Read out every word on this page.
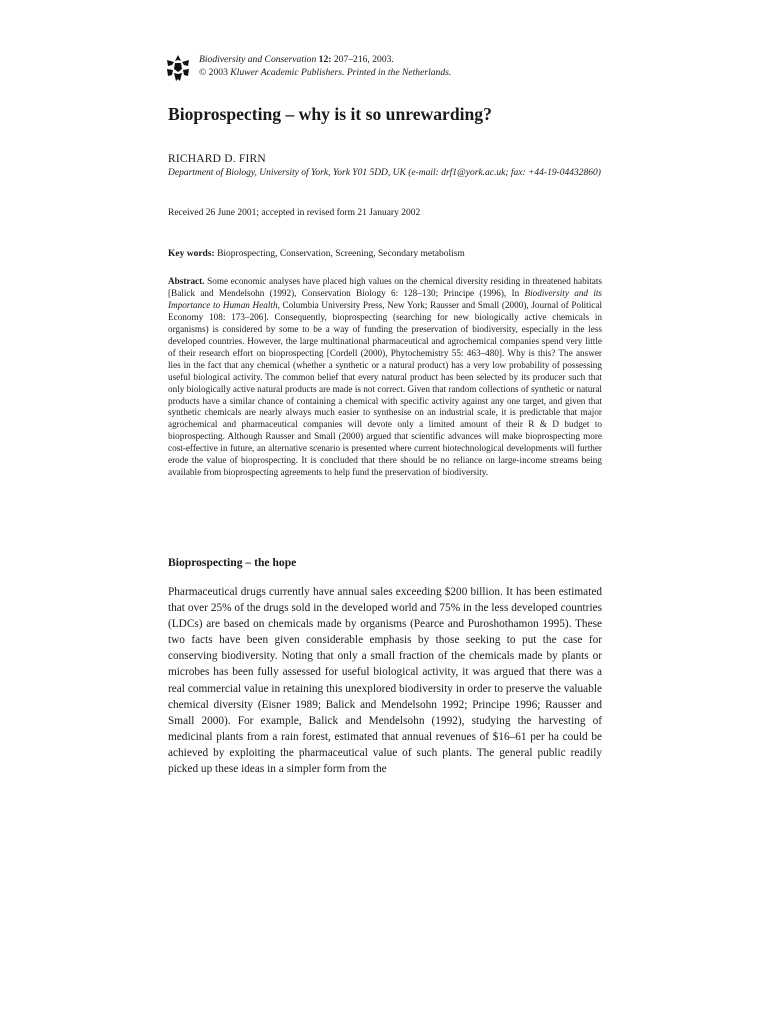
Biodiversity and Conservation 12: 207–216, 2003.
© 2003 Kluwer Academic Publishers. Printed in the Netherlands.
Bioprospecting – why is it so unrewarding?
RICHARD D. FIRN
Department of Biology, University of York, York Y01 5DD, UK (e-mail: drf1@york.ac.uk; fax: +44-19-04432860)
Received 26 June 2001; accepted in revised form 21 January 2002
Key words: Bioprospecting, Conservation, Screening, Secondary metabolism

Abstract. Some economic analyses have placed high values on the chemical diversity residing in threatened habitats [Balick and Mendelsohn (1992), Conservation Biology 6: 128–130; Principe (1996), In Biodiversity and its Importance to Human Health, Columbia University Press, New York; Rausser and Small (2000), Journal of Political Economy 108: 173–206]. Consequently, bioprospecting (searching for new biologically active chemicals in organisms) is considered by some to be a way of funding the preservation of biodiversity, especially in the less developed countries. However, the large multinational pharmaceutical and agrochemical companies spend very little of their research effort on bioprospecting [Cordell (2000), Phytochemistry 55: 463–480]. Why is this? The answer lies in the fact that any chemical (whether a synthetic or a natural product) has a very low probability of possessing useful biological activity. The common belief that every natural product has been selected by its producer such that only biologically active natural products are made is not correct. Given that random collections of synthetic or natural products have a similar chance of containing a chemical with specific activity against any one target, and given that synthetic chemicals are nearly always much easier to synthesise on an industrial scale, it is predictable that major agrochemical and pharmaceutical companies will devote only a limited amount of their R & D budget to bioprospecting. Although Rausser and Small (2000) argued that scientific advances will make bioprospecting more cost-effective in future, an alternative scenario is presented where current biotechnological developments will further erode the value of bioprospecting. It is concluded that there should be no reliance on large-income streams being available from bioprospecting agreements to help fund the preservation of biodiversity.

Bioprospecting – the hope

Pharmaceutical drugs currently have annual sales exceeding $200 billion. It has been estimated that over 25% of the drugs sold in the developed world and 75% in the less developed countries (LDCs) are based on chemicals made by organisms (Pearce and Puroshothamon 1995). These two facts have been given considerable emphasis by those seeking to put the case for conserving biodiversity. Noting that only a small fraction of the chemicals made by plants or microbes has been fully assessed for useful biological activity, it was argued that there was a real commercial value in retaining this unexplored biodiversity in order to preserve the valuable chemical diversity (Eisner 1989; Balick and Mendelsohn 1992; Principe 1996; Rausser and Small 2000). For example, Balick and Mendelsohn (1992), studying the harvesting of medicinal plants from a rain forest, estimated that annual revenues of $16–61 per ha could be achieved by exploiting the pharmaceutical value of such plants. The general public readily picked up these ideas in a simpler form from the
